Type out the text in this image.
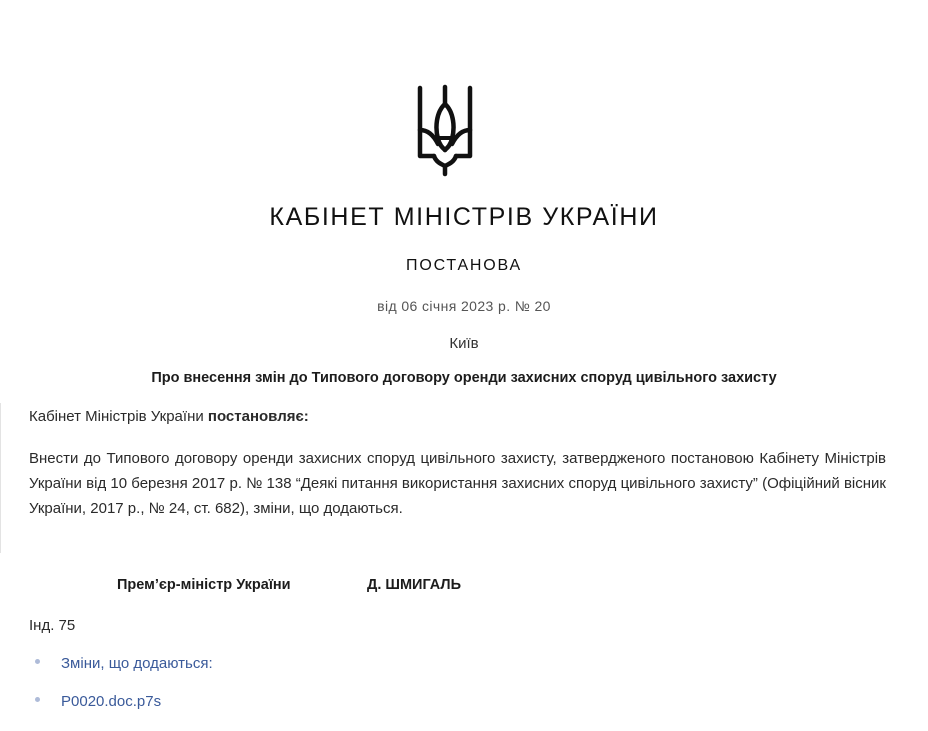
КАБІНЕТ МІНІСТРІВ УКРАЇНИ
ПОСТАНОВА
від 06 січня 2023 р. № 20
Київ
Про внесення змін до Типового договору оренди захисних споруд цивільного захисту
Кабінет Міністрів України постановляє:
Внести до Типового договору оренди захисних споруд цивільного захисту, затвердженого постановою Кабінету Міністрів України від 10 березня 2017 р. № 138 “Деякі питання використання захисних споруд цивільного захисту” (Офіційний вісник України, 2017 р., № 24, ст. 682), зміни, що додаються.
Прем’єр-міністр України	Д. ШМИГАЛЬ
Інд. 75
Зміни, що додаються:
P0020.doc.p7s
